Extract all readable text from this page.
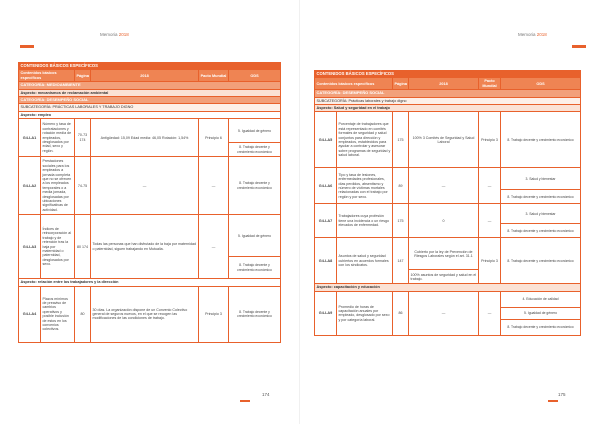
Memoria 2018
CONTENIDOS BÁSICOS ESPECÍFICOS					
Contenidos básicos específicos		Página	2018	Pacto Mundial	ODS
CATEGORÍA: MEDIOAMBIENTE					
Aspecto: mecanismos de reclamación ambiental					
CATEGORÍA: DESEMPEÑO SOCIAL					
SUBCATEGORÍA: PRÁCTICAS LABORALES Y TRABAJO DIGNO					
Aspecto: empleo					
G4-LA1	Número y tasa de contrataciones y rotación media de empleados, desglosados por edad, sexo y región.	70-73 174	Antigüedad: 15,09 Edad media: 46,05 Rotación: 1,54%	Principio 6	5. Igualdad de género
					8. Trabajo decente y crecimiento económico
G4-LA2	Prestaciones sociales para los empleados a jornada completa que no se ofrecen a los empleados temporales o a media jornada, desglosadas por ubicaciones significativas de actividad.	74-75	—	—	8. Trabajo decente y crecimiento económico
G4-LA3	Índices de reincorporación al trabajo y de retención tras la baja por maternidad o paternidad, desglosados por sexo.	80 174	Todas las personas que han disfrutado de la baja por maternidad o paternidad, siguen trabajando en Mutualia.	—	5. Igualdad de género
					8. Trabajo decente y crecimiento económico
Aspecto: relación entre los trabajadores y la dirección					
G4-LA4	Plazos mínimos de preaviso de cambios operativos y posible inclusión de estos en los convenios colectivos.	80	30 días. La organización dispone de un Convenio Colectivo general de seguros nuevos, en el que se recogen las modificaciones de las condiciones de trabajo.	Principio 3	8. Trabajo decente y crecimiento económico
174
Memoria 2018
CONTENIDOS BÁSICOS ESPECÍFICOS					
Contenidos básicos específicos		Página	2018	Pacto Mundial	ODS
CATEGORÍA: DESEMPEÑO SOCIAL					
SUBCATEGORÍA: Prácticas laborales y trabajo digno					
Aspecto: Salud y seguridad en el trabajo					
G4-LA5	Porcentaje de trabajadores que está representado en comités formales de seguridad y salud conjuntos para dirección y empleados, establecidos para ayudar a controlar y asesorar sobre programas de seguridad y salud laboral.	175	100% 3 Comités de Seguridad y Salud Laboral	Principio 3	8. Trabajo decente y crecimiento económico
G4-LA6	Tipo y tasa de lesiones, enfermedades profesionales, días perdidos, absentismo y número de víctimas mortales relacionadas con el trabajo por región y por sexo.	89	—	—	3. Salud y bienestar
					8. Trabajo decente y crecimiento económico
G4-LA7	Trabajadores cuya profesión tiene una incidencia o un riesgo elevados de enfermedad.	175	0	—	3. Salud y bienestar
					8. Trabajo decente y crecimiento económico
G4-LA8	Asuntos de salud y seguridad cubiertos en acuerdos formales con los sindicatos.	147	Cubierto por la ley de Prevención de Riesgos Laborales según el art. 31.1	Principio 3	8. Trabajo decente y crecimiento económico
			100% asuntos de seguridad y salud en el trabajo.		
Aspecto: capacitación y educación					
G4-LA9	Promedio de horas de capacitación anuales por empleado, desglosado por sexo y por categoría laboral.	86	—	—	4. Educación de calidad
					5. Igualdad de género
					8. Trabajo decente y crecimiento económico
175
